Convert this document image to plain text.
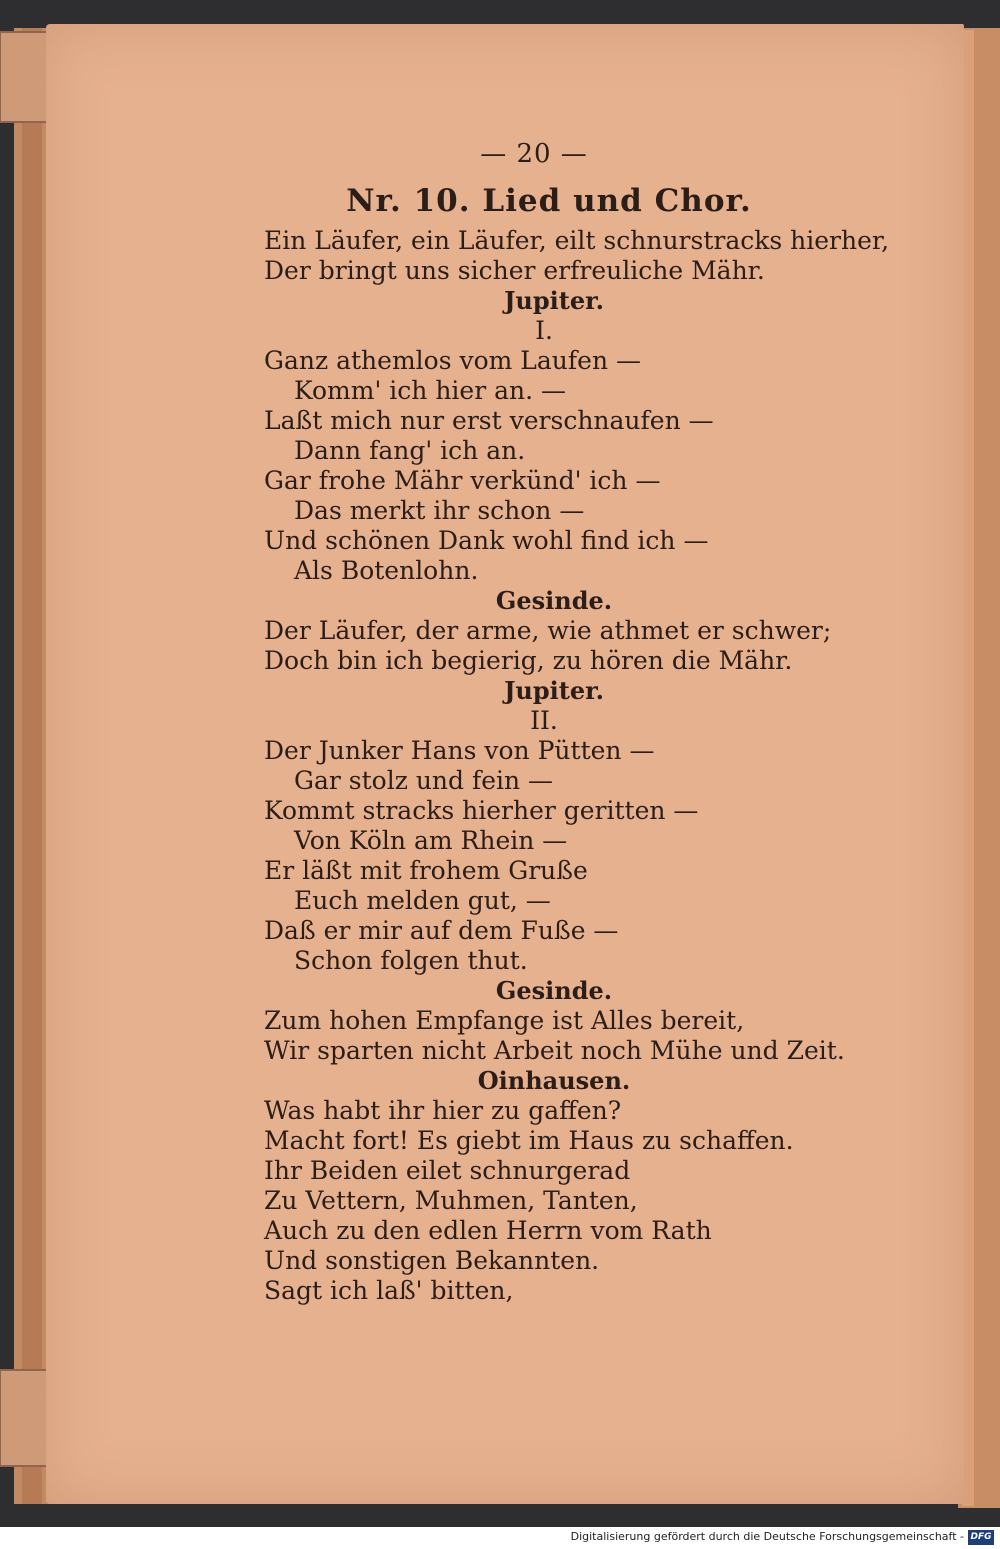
— 20 —
Nr. 10. Lied und Chor.
Ein Läufer, ein Läufer, eilt schnurstracks hierher,
Der bringt uns sicher erfreuliche Mähr.
Jupiter.
I.
Ganz athemlos vom Laufen —
Komm' ich hier an. —
Laßt mich nur erst verschnaufen —
Dann fang' ich an.
Gar frohe Mähr verkünd' ich —
Das merkt ihr schon —
Und schönen Dank wohl find ich —
Als Botenlohn.
Gesinde.
Der Läufer, der arme, wie athmet er schwer;
Doch bin ich begierig, zu hören die Mähr.
Jupiter.
II.
Der Junker Hans von Pütten —
Gar stolz und fein —
Kommt stracks hierher geritten —
Von Köln am Rhein —
Er läßt mit frohem Gruße
Euch melden gut, —
Daß er mir auf dem Fuße —
Schon folgen thut.
Gesinde.
Zum hohen Empfange ist Alles bereit,
Wir sparten nicht Arbeit noch Mühe und Zeit.
Oinhausen.
Was habt ihr hier zu gaffen?
Macht fort! Es giebt im Haus zu schaffen.
Ihr Beiden eilet schnurgerad
Zu Vettern, Muhmen, Tanten,
Auch zu den edlen Herrn vom Rath
Und sonstigen Bekannten.
Sagt ich laß' bitten,
Digitalisierung gefördert durch die Deutsche Forschungsgemeinschaft - DFG
